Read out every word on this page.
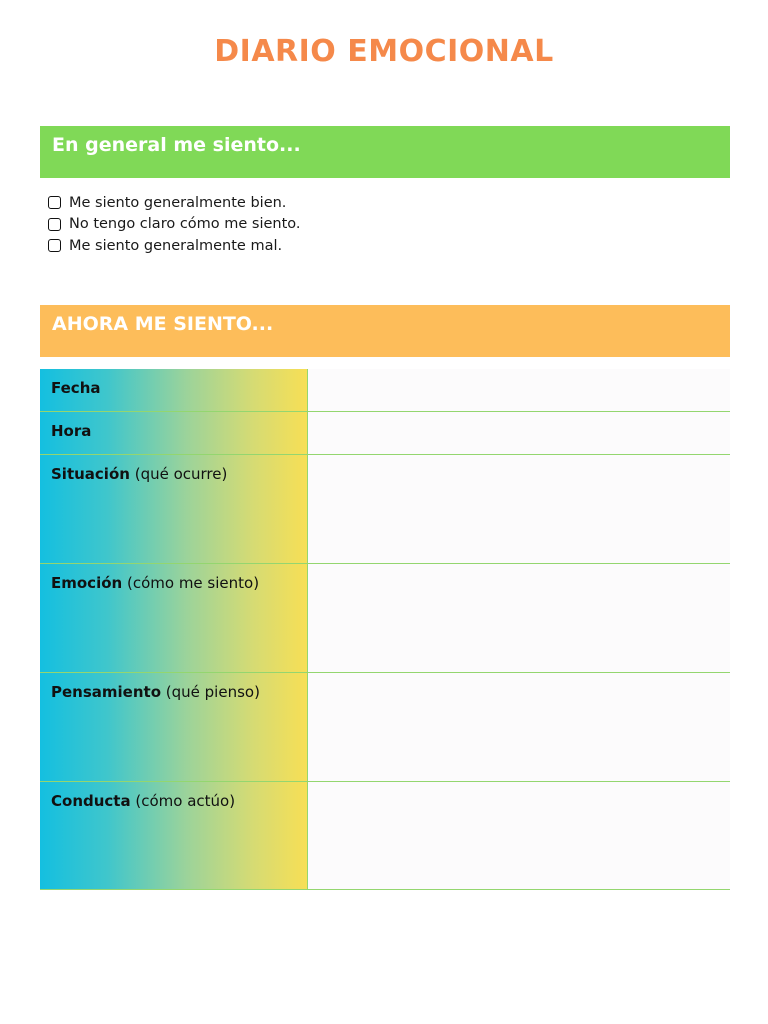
DIARIO EMOCIONAL
En general me siento...
Me siento generalmente bien.
No tengo claro cómo me siento.
Me siento generalmente mal.
AHORA ME SIENTO...
Fecha
Hora
Situación (qué ocurre)
Emoción (cómo me siento)
Pensamiento (qué pienso)
Conducta (cómo actúo)
